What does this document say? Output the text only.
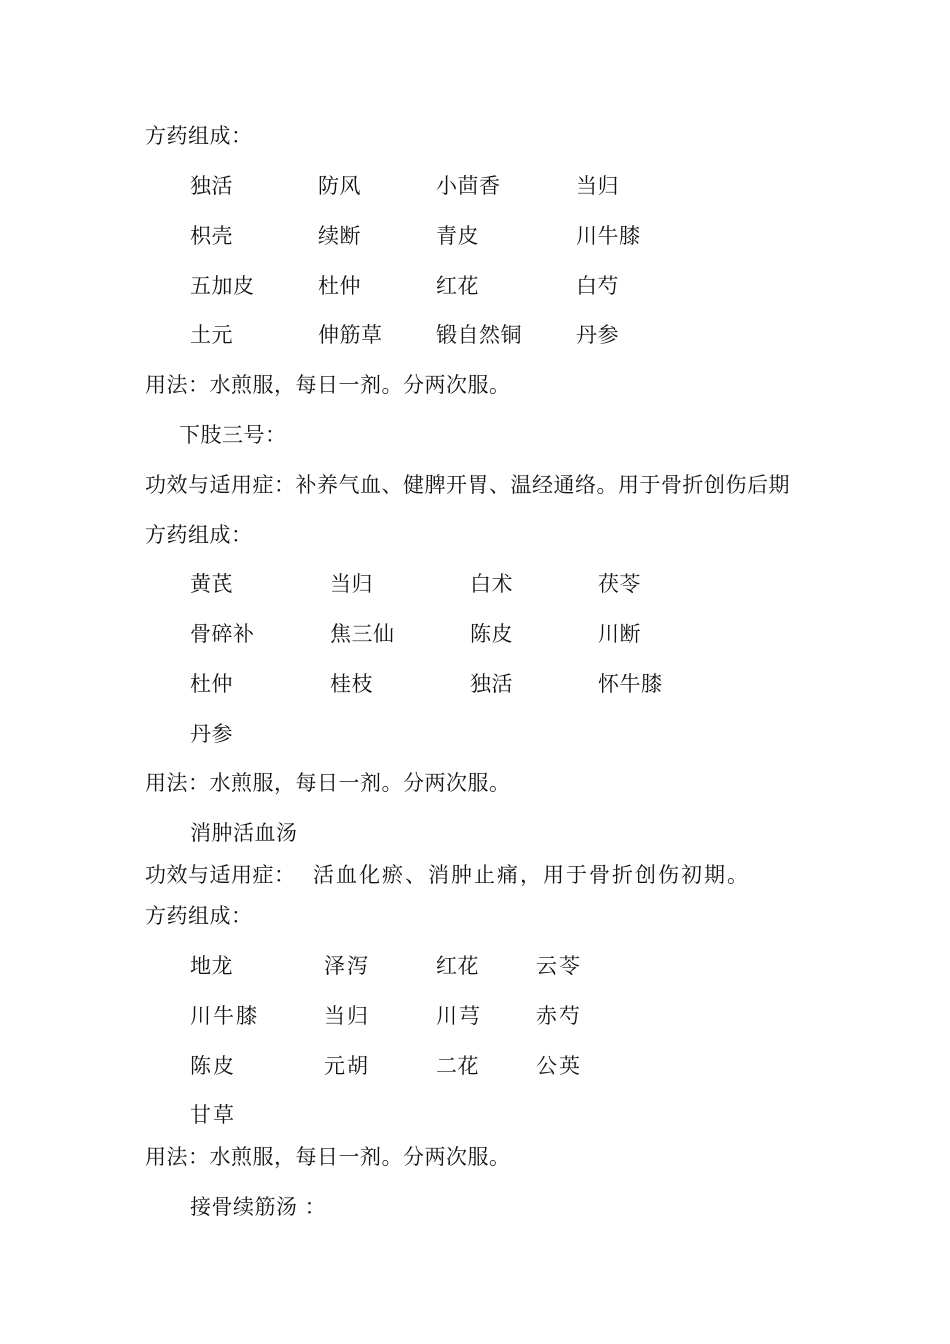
方药组成：
独活	防风	小茴香	当归
枳壳	续断	青皮	川牛膝
五加皮	杜仲	红花	白芍
土元	伸筋草	锻自然铜	丹参
用法：水煎服，每日一剂。分两次服。
下肢三号：
功效与适用症：补养气血、健脾开胃、温经通络。用于骨折创伤后期
方药组成：
黄芪	当归	白术	茯苓
骨碎补	焦三仙	陈皮	川断
杜仲	桂枝	独活	怀牛膝
丹参
用法：水煎服，每日一剂。分两次服。
消肿活血汤
功效与适用症： 活血化瘀、消肿止痛，用于骨折创伤初期。
方药组成：
地龙	泽泻	红花	云苓
川牛膝	当归	川芎	赤芍
陈皮	元胡	二花	公英
甘草
用法：水煎服，每日一剂。分两次服。
接骨续筋汤 ：
